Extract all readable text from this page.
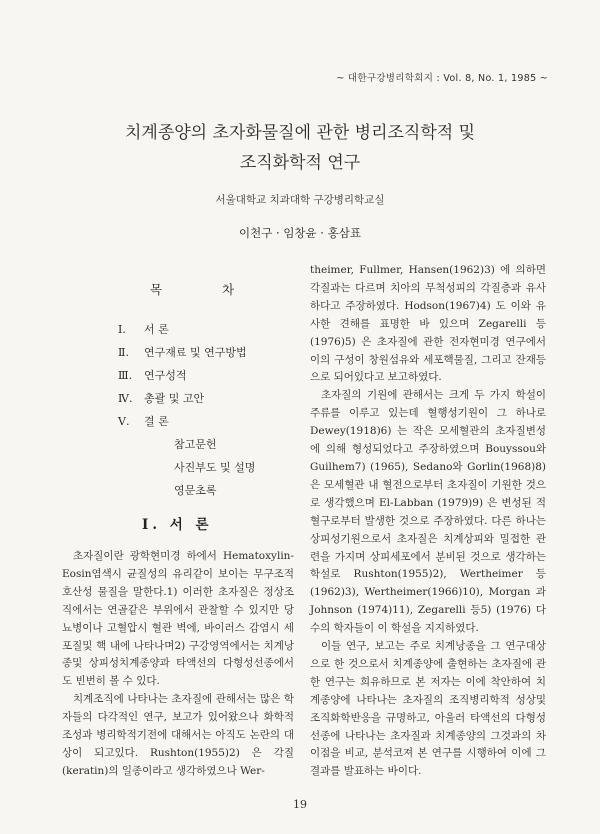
~ 대한구강병리학회지 : Vol. 8, No. 1, 1985 ~
치계종양의 초자화물질에 관한 병리조직학적 및
조직화학적 연구
서울대학교 치과대학 구강병리학교실
이천구 · 임창윤 · 홍삼표
목 차
Ⅰ. 서 론
Ⅱ. 연구재료 및 연구방법
Ⅲ. 연구성적
Ⅳ. 총괄 및 고안
Ⅴ. 결 론
참고문헌
사진부도 및 설명
영문초록
I. 서 론

초자질이란 광학현미경 하에서 Hematoxylin-Eosin염색시 균질성의 유리같이 보이는 무구조적 호산성 물질을 말한다.1) 이러한 초자질은 정상조직에서는 연골같은 부위에서 관찰할 수 있지만 당뇨병이나 고혈압시 혈관 벽에, 바이러스 감염시 세포질및 핵 내에 나타나며2) 구강영역에서는 치계낭종및 상피성치계종양과 타액선의 다형성선종에서도 빈번히 볼 수 있다.

치계조직에 나타나는 초자질에 관해서는 많은 학자들의 다각적인 연구, 보고가 있어왔으나 화학적조성과 병리학적기전에 대해서는 아직도 논란의 대상이 되고있다. Rushton(1955)2) 은 각질 (keratin)의 일종이라고 생각하였으나 Wer-

theimer, Fullmer, Hansen(1962)3) 에 의하면 각질과는 다르며 치아의 무척성피의 각질층과 유사하다고 주장하였다. Hodson(1967)4) 도 이와 유사한 견해를 표명한 바 있으며 Zegarelli 등(1976)5) 은 초자질에 관한 전자현미경 연구에서 이의 구성이 창원섬유와 세포핵물질, 그리고 잔재등으로 되어있다고 보고하였다.

초자질의 기원에 관해서는 크게 두 가지 학설이 주류를 이루고 있는데 혈행성기원이 그 하나로 Dewey(1918)6) 는 작은 모세혈관의 초자질변성에 의해 형성되었다고 주장하였으며 Bouyssou와 Guilhem7) (1965), Sedano와 Gorlin(1968)8) 은 모세혈관 내 혈전으로부터 초자질이 기원한 것으로 생각했으며 El-Labban (1979)9) 은 변성된 적혈구로부터 발생한 것으로 주장하였다. 다른 하나는 상피성기원으로서 초자질은 치계상피와 밀접한 관련을 가지며 상피세포에서 분비된 것으로 생각하는 학설로 Rushton(1955)2), Wertheimer 등(1962)3), Wertheimer(1966)10), Morgan 과 Johnson (1974)11), Zegarelli 등5) (1976) 다수의 학자들이 이 학설을 지지하였다.

이들 연구, 보고는 주로 치계낭종을 그 연구대상으로 한 것으로서 치계종양에 출현하는 초자질에 관한 연구는 희유하므로 본 저자는 이에 착안하여 치계종양에 나타나는 초자질의 조직병리학적 성상및 조직화학반응을 규명하고, 아울러 타액선의 다형성선종에 나타나는 초자질과 치계종양의 그것과의 차이점을 비교, 분석코져 본 연구를 시행하여 이에 그 결과를 발표하는 바이다.

19
